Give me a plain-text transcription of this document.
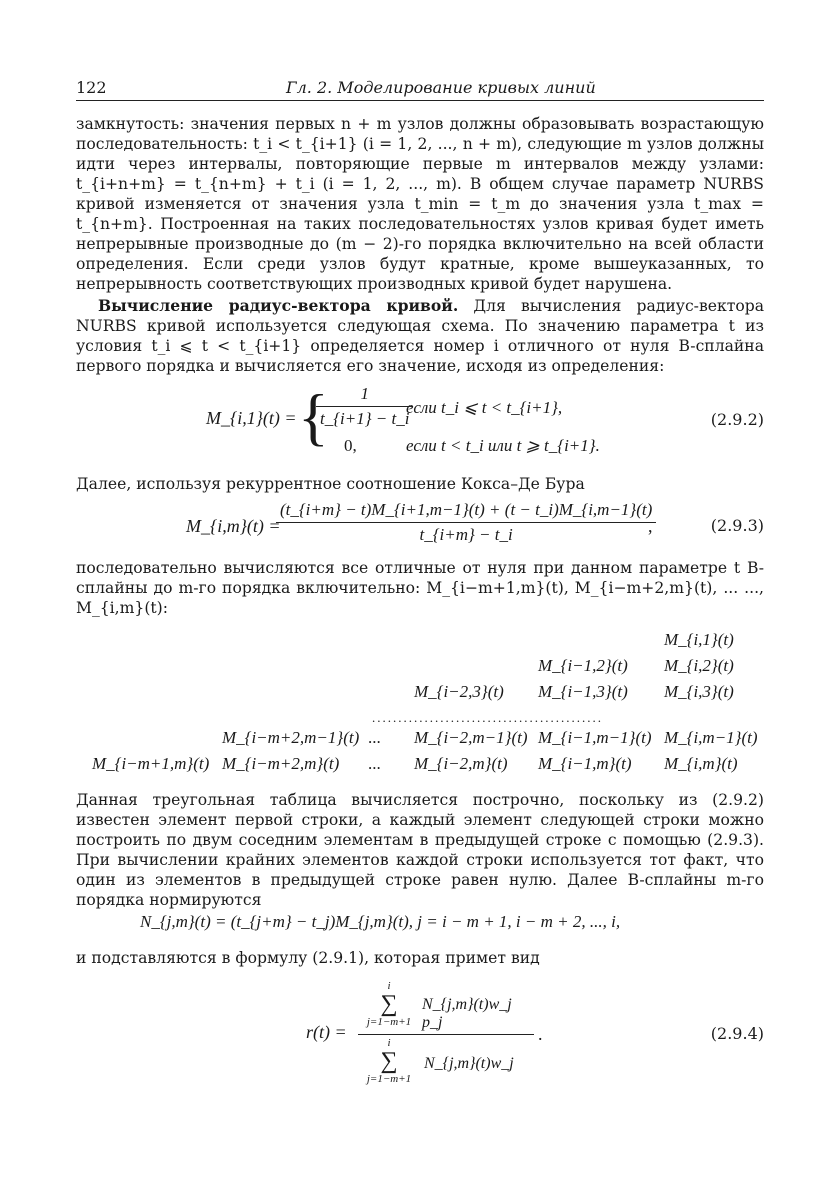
122	Гл. 2. Моделирование кривых линий

замкнутость: значения первых n + m узлов должны образовывать возрастающую последовательность: t_i < t_{i+1} (i = 1, 2, ..., n + m), следующие m узлов должны идти через интервалы, повторяющие первые m интервалов между узлами: t_{i+n+m} = t_{n+m} + t_i (i = 1, 2, ..., m). В общем случае параметр NURBS кривой изменяется от значения узла t_min = t_m до значения узла t_max = t_{n+m}. Построенная на таких последовательностях узлов кривая будет иметь непрерывные производные до (m − 2)-го порядка включительно на всей области определения. Если среди узлов будут кратные, кроме вышеуказанных, то непрерывность соответствующих производных кривой будет нарушена.

Вычисление радиус-вектора кривой. Для вычисления радиус-вектора NURBS кривой используется следующая схема. По значению параметра t из условия t_i ⩽ t < t_{i+1} определяется номер i отличного от нуля B-сплайна первого порядка и вычисляется его значение, исходя из определения:

M_{i,1}(t) = {
$\frac{1}{t\_\{i+1\} - t\_i}$
если t_i ⩽ t < t_{i+1},
0,	если t < t_i или t ⩾ t_{i+1}.
(2.9.2)

Далее, используя рекуррентное соотношение Кокса–Де Бура

M_{i,m}(t) =
$\frac{(t\_\{i+m\} - t)M\_\{i+1,m-1\}(t) + (t - t\_i)M\_\{i,m-1\}(t)}{t\_\{i+m\} - t\_i}$
,	(2.9.3)

последовательно вычисляются все отличные от нуля при данном параметре t B-сплайны до m-го порядка включительно: M_{i−m+1,m}(t), M_{i−m+2,m}(t), ... ..., M_{i,m}(t):

M_{i,1}(t)
M_{i−1,2}(t) M_{i,2}(t)
M_{i−2,3}(t) M_{i−1,3}(t) M_{i,3}(t)
............................................
M_{i−m+2,m−1}(t) ... M_{i−2,m−1}(t) M_{i−1,m−1}(t) M_{i,m−1}(t)
M_{i−m+1,m}(t) M_{i−m+2,m}(t) ... M_{i−2,m}(t) M_{i−1,m}(t) M_{i,m}(t)

Данная треугольная таблица вычисляется построчно, поскольку из (2.9.2) известен элемент первой строки, а каждый элемент следующей строки можно построить по двум соседним элементам в предыдущей строке с помощью (2.9.3). При вычислении крайних элементов каждой строки используется тот факт, что один из элементов в предыдущей строке равен нулю. Далее B-сплайны m-го порядка нормируются

N_{j,m}(t) = (t_{j+m} − t_j)M_{j,m}(t), j = i − m + 1, i − m + 2, ..., i,

и подставляются в формулу (2.9.1), которая примет вид

r(t) =
i
∑
j=1−m+1
N_{j,m}(t)w_j p_j
i
∑
j=1−m+1
N_{j,m}(t)w_j
.	(2.9.4)
